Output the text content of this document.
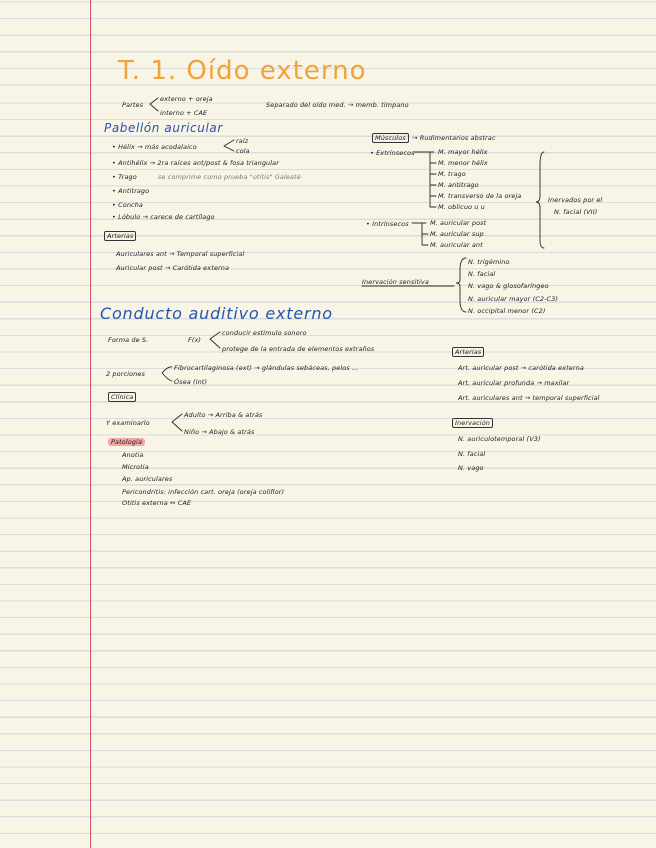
T. 1. Oído externo
Partes
externo + oreja
interno + CAE
Separado del oído med. → memb. tímpano
Pabellón auricular
• Hélix → más acodalaico
raíz
cola
• Antihélix → 2ra raíces ant/post & fosa triangular
• Trago	se comprime como prueba "otitis" Galeaté
• Antitrago
• Concha
• Lóbulo → carece de cartílago
Arterias
Auriculares ant → Temporal superficial
Auricular post → Carótida externa
Músculos → Rudimentarios abstrac
• Extrínsecos	M. mayor hélix
M. menor hélix
M. trago
M. antitrago
M. transverso de la oreja
M. oblicuo u u
• Intrínsecos	M. auricular post
M. auricular sup
M. auricular ant
Inervados por el
N. facial (VII)
Inervación sensitiva
N. trigémino
N. facial
N. vago & glosofaríngeo
N. auricular mayor (C2-C3)
N. occipital menor (C2)
Conducto auditivo externo
Forma de S.	F(x)
conducir estímulo sonoro
protege de la entrada de elementos extraños
2 porciones
Fibrocartilaginosa (ext) → glándulas sebáceas, pelos ...
Ósea (int)
Clínica
Y examinarlo
Adulto → Arriba & atrás
Niño → Abajo & atrás
Patología
Anotia
Microtia
Ap. auriculares
Pericondritis: infección cart. oreja (oreja coliflor)
Otitis externa ↔ CAE
Arterias
Art. auricular post → carótida externa
Art. auricular profunda → maxilar
Art. auriculares ant → temporal superficial
Inervación
N. auriculotemporal (V3)
N. facial
N. vago
